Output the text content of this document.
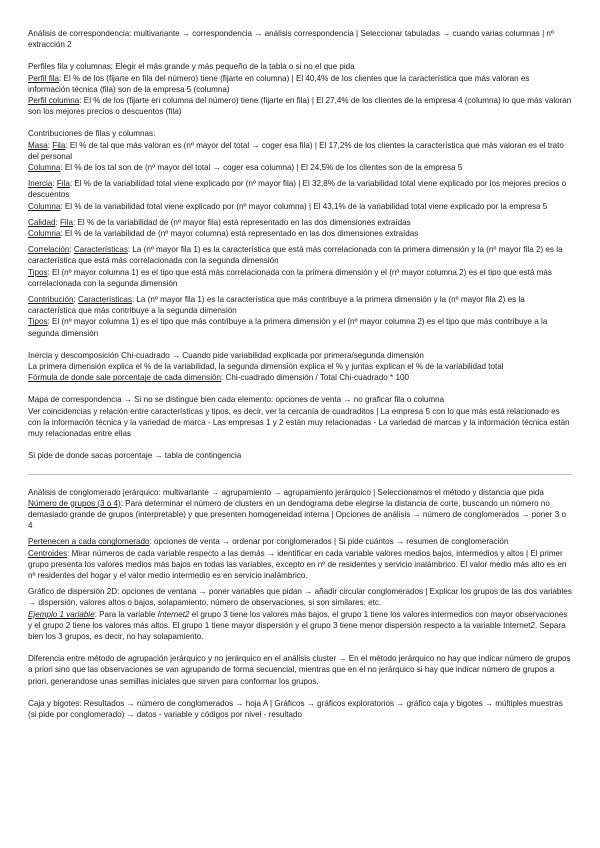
Análisis de correspondencia: multivariante → correspondencia → análisis correspondencia | Seleccionar tabuladas → cuando varias columnas | nº extracción 2

Perfiles fila y columnas: Elegir el más grande y más pequeño de la tabla o si no el que pida

Perfil fila: El % de los (fijarte en fila del número) tiene (fijarte en columna) | El 40,4% de los clientes que la característica que más valoran es información técnica (fila) son de la empresa 5 (columna)

Perfil columna: El % de los (fijarte en columna del número) tiene (fijarte en fila) | El 27,4% de los clientes de la empresa 4 (columna) lo que más valoran son los mejores precios o descuentos (fila)

Contribuciones de filas y columnas:

Masa: Fila: El % de tal que más valoran es (nº mayor del total → coger esa fila) | El 17,2% de los clientes la característica que más valoran es el trato del personal

Columna: El % de los tal son de (nº mayor del total → coger esa columna) | El 24,5% de los clientes son de la empresa 5

Inercia: Fila: El % de la variabilidad total viene explicado por (nº mayor fila) | El 32,8% de la variabilidad total viene explicado por los mejores precios o descuentos

Columna: El % de la variabilidad total viene explicado por (nº mayor columna) | El 43,1% de la variabilidad total viene explicado por la empresa 5

Calidad: Fila: El % de la variabilidad de (nº mayor fila) está representado en las dos dimensiones extraídas

Columna: El % de la variabilidad de (nº mayor columna) está representado en las dos dimensiones extraídas

Correlación: Características: La (nº mayor fila 1) es la característica que está más correlacionada con la primera dimensión y la (nº mayor fila 2) es la característica que está más correlacionada con la segunda dimensión

Tipos: El (nº mayor columna 1) es el tipo que está más correlacionada con la primera dimensión y el (nº mayor columna 2) es el tipo que está más correlacionada con la segunda dimensión

Contribución: Características: La (nº mayor fila 1) es la característica que más contribuye a la primera dimensión y la (nº mayor fila 2) es la característica que más contribuye a la segunda dimensión

Tipos: El (nº mayor columna 1) es el tipo que más contribuye a la primera dimensión y el (nº mayor columna 2) es el tipo que más contribuye a la segunda dimensión

Inercia y descomposición Chi-cuadrado → Cuando pide variabilidad explicada por primera/segunda dimensión

La primera dimensión explica el % de la variabilidad, la segunda dimensión explica el % y juntas explican el % de la variabilidad total

Fórmula de donde sale porcentaje de cada dimensión: Chi-cuadrado dimensión / Total Chi-cuadrado * 100

Mapa de correspondencia → Si no se distingue bien cada elemento: opciones de venta → no graficar fila o columna

Ver coincidencias y relación entre características y tipos, es decir, ver la cercanía de cuadraditos | La empresa 5 con lo que más está relacionado es con la información técnica y la variedad de marca - Las empresas 1 y 2 están muy relacionadas - La variedad de marcas y la información técnica están muy relacionadas entre ellas

Si pide de donde sacas porcentaje → tabla de contingencia

Análisis de conglomerado jerárquico: multivariante → agrupamiento → agrupamiento jerárquico | Seleccionamos el método y distancia que pida

Número de grupos (3 o 4): Para determinar el número de clusters en un dendograma debe elegirse la distancia de corte, buscando un número no demasiado grande de grupos (interpretable) y que presenten homogeneidad interna | Opciones de análisis → número de conglomerados → poner 3 o 4

Pertenecen a cada conglomerado: opciones de venta → ordenar por conglomerados | Si pide cuántos → resumen de conglomeración

Centroides: Mirar números de cada variable respecto a las demás → identificar en cada variable valores medios bajos, intermedios y altos | El primer grupo presenta los valores medios más bajos en todas las variables, excepto en nº de residentes y servicio inalámbrico. El valor medio más alto es en nº residentes del hogar y el valor medio intermedio es en servicio inalámbrico.

Gráfico de dispersión 2D: opciones de ventana → poner variables que pidan → añadir circular conglomerados | Explicar los grupos de las dos variables → dispersión, valores altos o bajos, solapamiento, número de observaciones, si son similares, etc.

Ejemplo 1 variable: Para la variable Internet2 el grupo 3 tiene los valores más bajos, el grupo 1 tiene los valores intermedios con mayor observaciones y el grupo 2 tiene los valores más altos. El grupo 1 tiene mayor dispersión y el grupo 3 tiene menor dispersión respecto a la variable Internet2. Separa bien los 3 grupos, es decir, no hay solapamiento.

Diferencia entre método de agrupación jerárquico y no jerárquico en el análisis cluster → En el método jerárquico no hay que indicar número de grupos a priori sino que las observaciones se van agrupando de forma secuencial, mientras que en el no jerárquico si hay que indicar número de grupos a priori, generandose unas semillas iniciales que sirven para conformar los grupos.

Caja y bigotes: Resultados → número de conglomerados → hoja A | Gráficos → gráficos exploratorios → gráfico caja y bigotes → múltiples muestras (si pide por conglomerado) → datos - variable y códigos por nivel - resultado
